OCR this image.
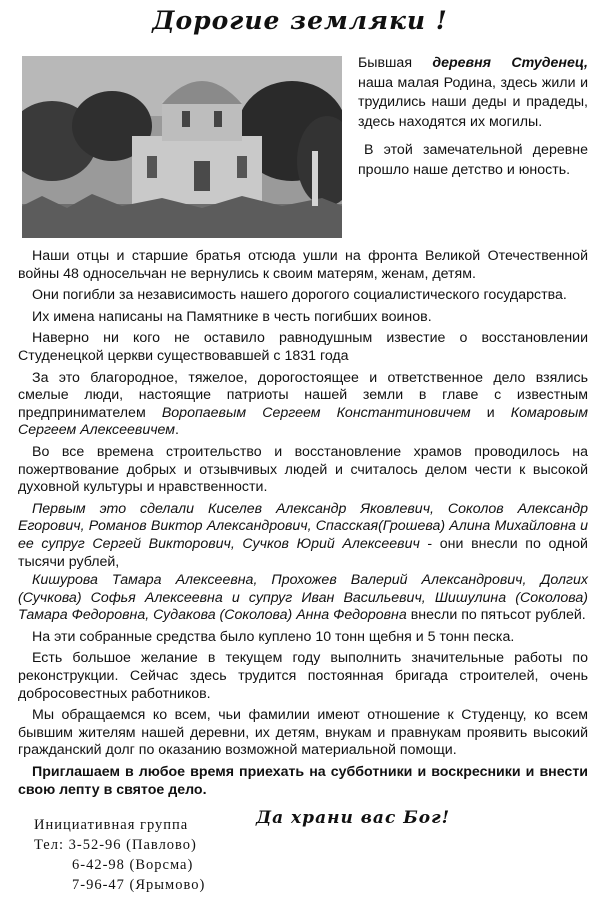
Дорогие земляки !

Бывшая деревня Студенец, наша малая Родина, здесь жили и трудились наши деды и прадеды, здесь находятся их могилы.

В этой замечательной деревне прошло наше детство и юность.

Наши отцы и старшие братья отсюда ушли на фронта Великой Отечественной войны 48 односельчан не вернулись к своим матерям, женам, детям.

Они погибли за независимость нашего дорогого социалистического государства.

Их имена написаны на Памятнике в честь погибших воинов.

Наверно ни кого не оставило равнодушным известие о восстановлении Студенецкой церкви существовавшей с 1831 года

За это благородное, тяжелое, дорогостоящее и ответственное дело взялись смелые люди, настоящие патриоты нашей земли в главе с известным предпринимателем Воропаевым Сергеем Константиновичем и Комаровым Сергеем Алексеевичем.

Во все времена строительство и восстановление храмов проводилось на пожертвование добрых и отзывчивых людей и считалось делом чести к высокой духовной культуры и нравственности.

Первым это сделали Киселев Александр Яковлевич, Соколов Александр Егорович, Романов Виктор Александрович, Спасская(Грошева) Алина Михайловна и ее супруг Сергей Викторович, Сучков Юрий Алексеевич - они внесли по одной тысячи рублей,

Кишурова Тамара Алексеевна, Прохожев Валерий Александрович, Долгих (Сучкова) Софья Алексеевна и супруг Иван Васильевич, Шишулина (Соколова) Тамара Федоровна, Судакова (Соколова) Анна Федоровна внесли по пятьсот рублей.

На эти собранные средства было куплено 10 тонн щебня и 5 тонн песка.

Есть большое желание в текущем году выполнить значительные работы по реконструкции. Сейчас здесь трудится постоянная бригада строителей, очень добросовестных работников.

Мы обращаемся ко всем, чьи фамилии имеют отношение к Студенцу, ко всем бывшим жителям нашей деревни, их детям, внукам и правнукам проявить высокий гражданский долг по оказанию возможной материальной помощи.

Приглашаем в любое время приехать на субботники и воскресники и внести свою лепту в святое дело.

Инициативная группа
Тел: 3-52-96 (Павлово)
6-42-98 (Ворсма)
7-96-47 (Ярымово)
Да храни вас Бог!
